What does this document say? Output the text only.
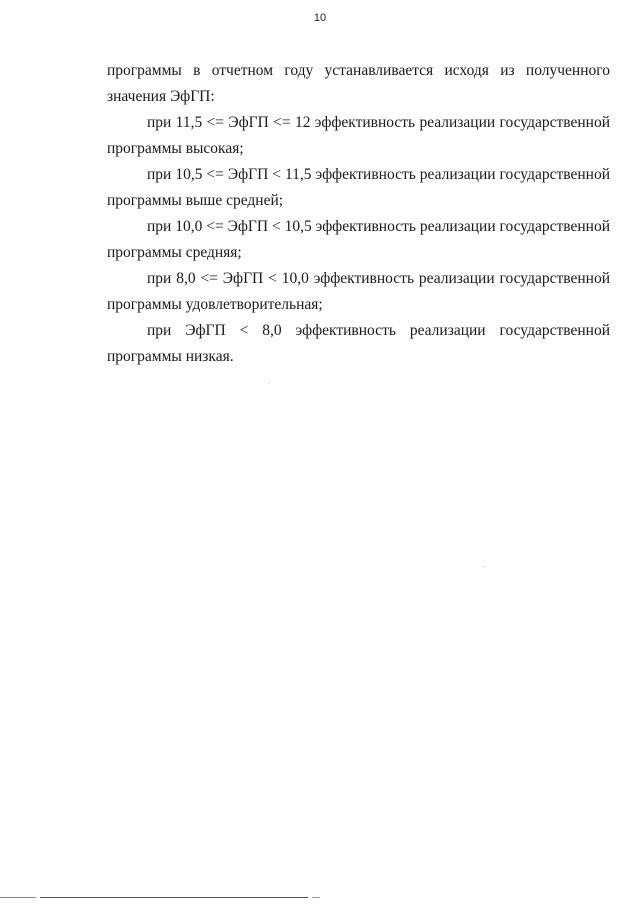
10

программы в отчетном году устанавливается исходя из полученного значения ЭфГП:

при 11,5 <= ЭфГП <= 12 эффективность реализации государственной программы высокая;

при 10,5 <= ЭфГП < 11,5 эффективность реализации государственной программы выше средней;

при 10,0 <= ЭфГП < 10,5 эффективность реализации государственной программы средняя;

при 8,0 <= ЭфГП < 10,0 эффективность реализации государственной программы удовлетворительная;

при ЭфГП < 8,0 эффективность реализации государственной программы низкая.
